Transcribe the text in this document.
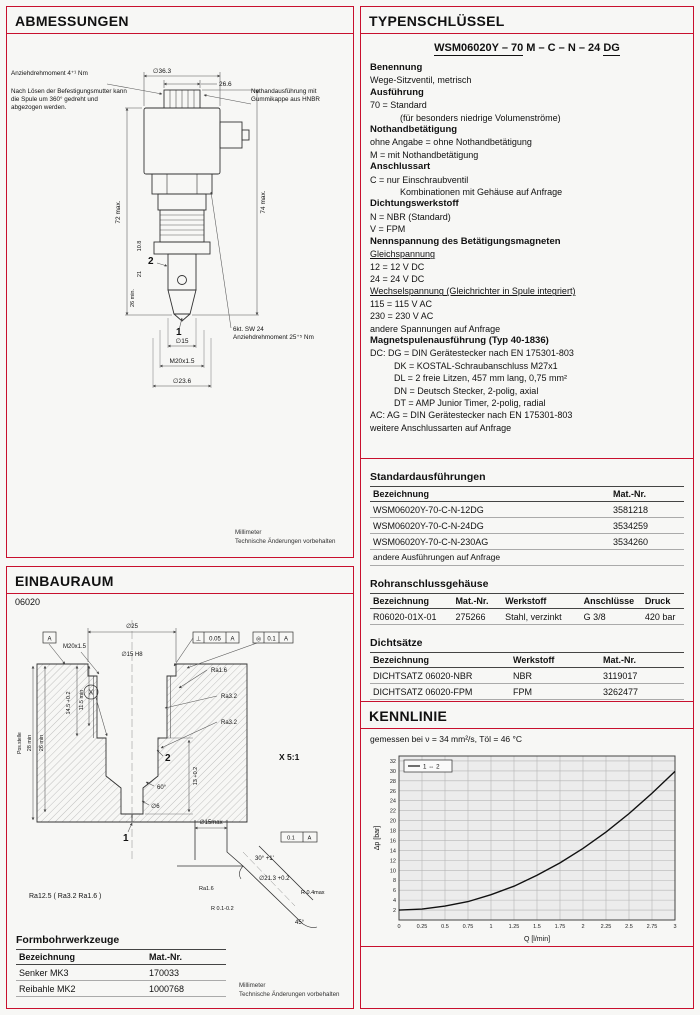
ABMESSUNGEN
∅36.3
26.6
72 max.	74 max.
10.8
21
26 min.
2
1
∅15
M20x1.5
∅23.6
Anziehdrehmoment 4⁺¹ Nm
Nach Lösen der Befestigungsmutter kann die Spule um 360° gedreht und abgezogen werden.
Nothandausführung mit Gummikappe aus HNBR
6kt. SW 24
Anziehdrehmoment 25⁺⁵ Nm
Millimeter
Technische Änderungen vorbehalten
EINBAURAUM
06020
∅25
M20x1.5
∅15 H8
A	⊥ 0.05 A	◎ 0.1 A
Ra1.6
Ra3.2
Ra3.2
Pos.stelle 28 min 26 min
14.5 +0.2 11.5 min
60°
∅6
13 +0.2
X
2
1
X 5:1
∅15max
30° +1'
∅21.3 +0.2
R 0.4max
R 0.1-0.2
45°
Ra1.6
0.1 A
Ra12.5 ( Ra3.2 Ra1.6 )
Formbohrwerkzeuge
Bezeichnung	Mat.-Nr.
Senker MK3	170033
Reibahle MK2	1000768	Millimeter
Technische Änderungen vorbehalten
TYPENSCHLÜSSEL
WSM06020Y – 70 M – C – N – 24 DG
Benennung
Wege-Sitzventil, metrisch
Ausführung
70 = Standard
(für besonders niedrige Volumenströme)
Nothandbetätigung
ohne Angabe = ohne Nothandbetätigung
M = mit Nothandbetätigung
Anschlussart
C = nur Einschraubventil
Kombinationen mit Gehäuse auf Anfrage
Dichtungswerkstoff
N = NBR (Standard)
V = FPM
Nennspannung des Betätigungsmagneten
Gleichspannung
12 = 12 V DC
24 = 24 V DC
Wechselspannung (Gleichrichter in Spule integriert)
115 = 115 V AC
230 = 230 V AC
andere Spannungen auf Anfrage
Magnetspulenausführung (Typ 40-1836)
DC: DG = DIN Gerätestecker nach EN 175301-803
DK = KOSTAL-Schraubanschluss M27x1
DL = 2 freie Litzen, 457 mm lang, 0,75 mm²
DN = Deutsch Stecker, 2-polig, axial
DT = AMP Junior Timer, 2-polig, radial
AC: AG = DIN Gerätestecker nach EN 175301-803
weitere Anschlussarten auf Anfrage
Standardausführungen
Bezeichnung	Mat.-Nr.
WSM06020Y-70-C-N-12DG	3581218
WSM06020Y-70-C-N-24DG	3534259
WSM06020Y-70-C-N-230AG	3534260
andere Ausführungen auf Anfrage
Rohranschlussgehäuse
Bezeichnung	Mat.-Nr.	Werkstoff	Anschlüsse	Druck
R06020-01X-01	275266	Stahl, verzinkt	G 3/8	420 bar
Dichtsätze
Bezeichnung	Werkstoff	Mat.-Nr.
DICHTSATZ 06020-NBR	NBR	3119017
DICHTSATZ 06020-FPM	FPM	3262477
KENNLINIE
gemessen bei ν = 34 mm²/s, Töl = 46 °C
0	0.25	0.5	0.75	1	1.25	1.5	1.75	2	2.25	2.5	2.75	3
2
4
6
8
10
12
14
16
18
20
22
24
26
28
30
32
1 ⇔ 2
Q [l/min]
Δp [bar]
